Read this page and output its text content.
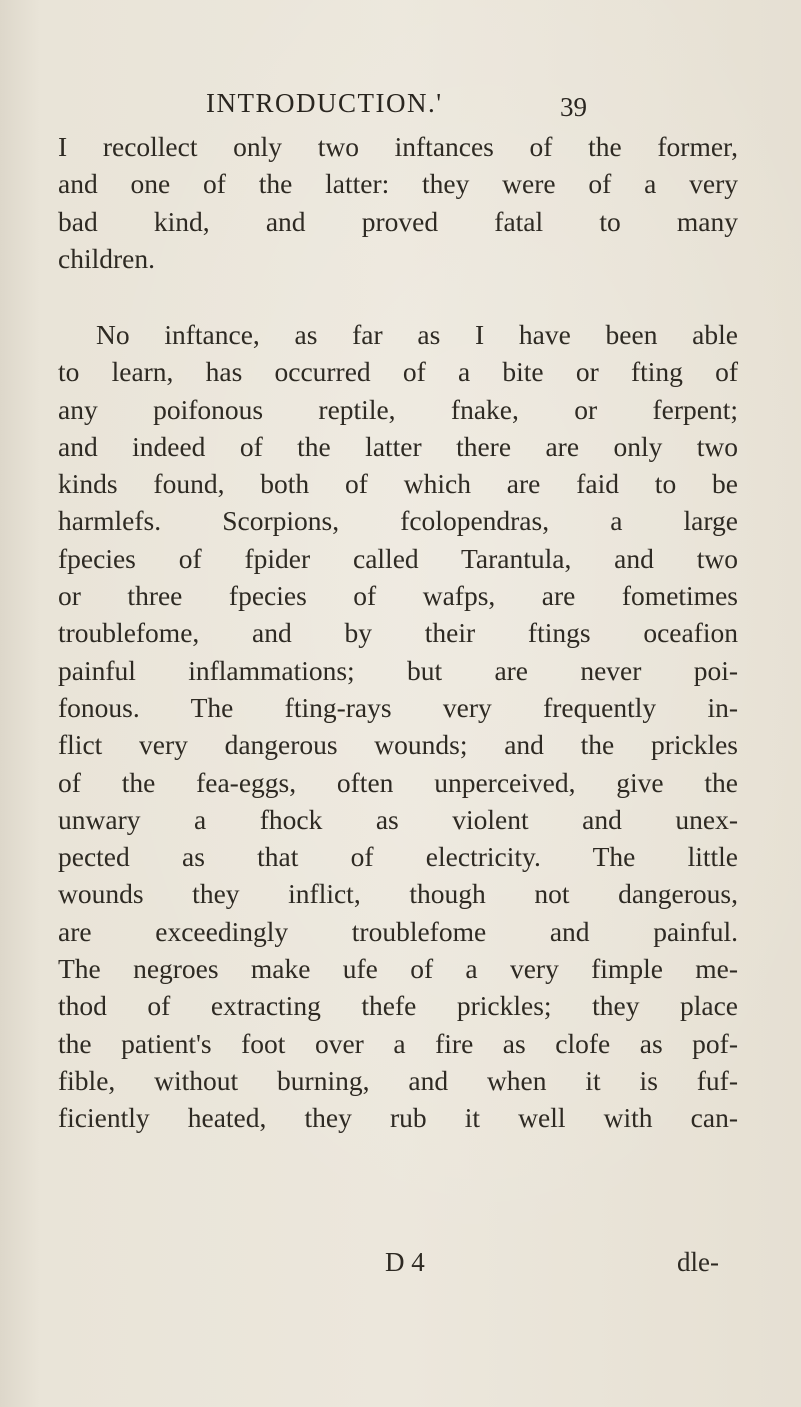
INTRODUCTION.'	39
I recollect only two inftances of the former,
and one of the latter: they were of a very
bad kind, and proved fatal to many
children.
No inftance, as far as I have been able
to learn, has occurred of a bite or fting of
any poifonous reptile, fnake, or ferpent;
and indeed of the latter there are only two
kinds found, both of which are faid to be
harmlefs. Scorpions, fcolopendras, a large
fpecies of fpider called Tarantula, and two
or three fpecies of wafps, are fometimes
troublefome, and by their ftings oceafion
painful inflammations; but are never poi-
fonous. The fting-rays very frequently in-
flict very dangerous wounds; and the prickles
of the fea-eggs, often unperceived, give the
unwary a fhock as violent and unex-
pected as that of electricity. The little
wounds they inflict, though not dangerous,
are exceedingly troublefome and painful.
The negroes make ufe of a very fimple me-
thod of extracting thefe prickles; they place
the patient's foot over a fire as clofe as pof-
fible, without burning, and when it is fuf-
ficiently heated, they rub it well with can-
D 4	dle-
